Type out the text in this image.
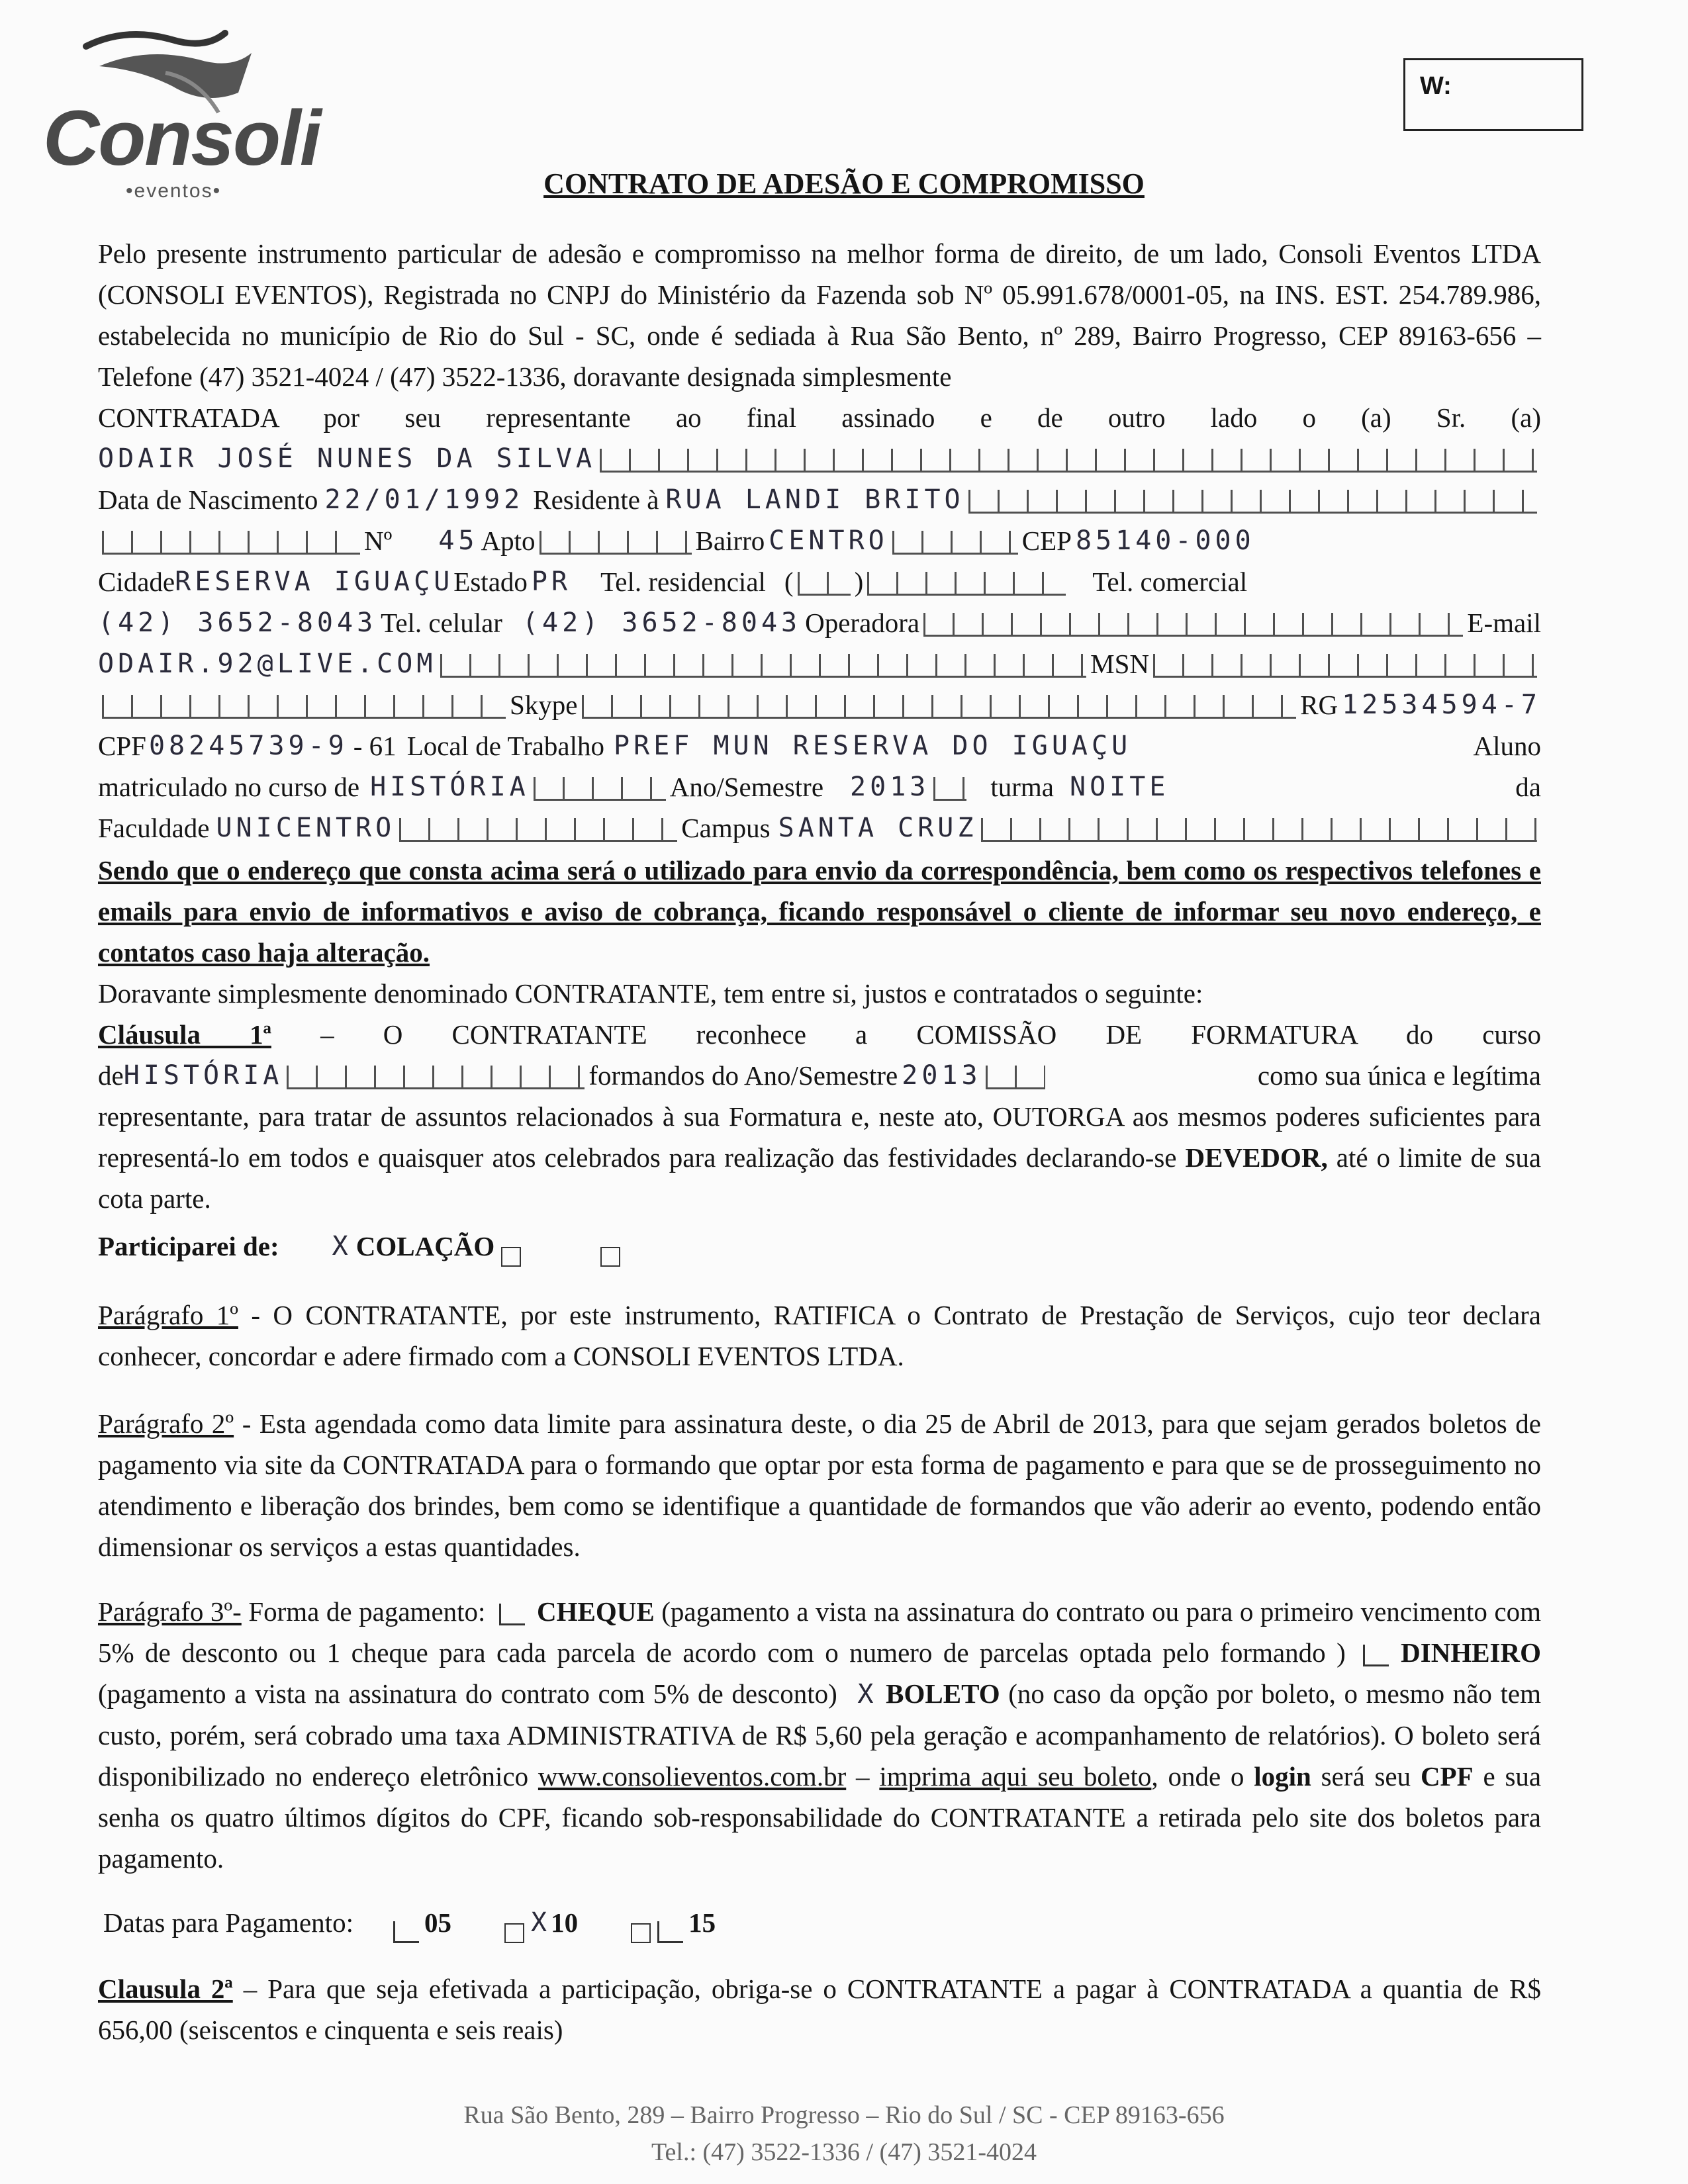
Consoli
•eventos•
W:
CONTRATO DE ADESÃO E COMPROMISSO
Pelo presente instrumento particular de adesão e compromisso na melhor forma de direito, de um lado, Consoli Eventos LTDA (CONSOLI EVENTOS), Registrada no CNPJ do Ministério da Fazenda sob Nº 05.991.678/0001-05, na INS. EST. 254.789.986, estabelecida no município de Rio do Sul - SC, onde é sediada à Rua São Bento, nº 289, Bairro Progresso, CEP 89163-656 – Telefone (47) 3521-4024 / (47) 3522-1336, doravante designada simplesmente
CONTRATADA por seu representante ao final assinado e de outro lado o (a) Sr. (a)
ODAIR JOSÉ NUNES DA SILVA
Data de Nascimento 22/01/1992 Residente à RUA LANDI BRITO
Nº 45 Apto	Bairro CENTRO	CEP 85140-000
Cidade RESERVA IGUAÇU Estado PR Tel. residencial ( )	Tel. comercial
(42) 3652-8043 Tel. celular (42) 3652-8043 Operadora	E-mail
ODAIR.92@LIVE.COM	MSN
Skype	RG 12534594-7
CPF 08245739-9 - 61 Local de Trabalho PREF MUN RESERVA DO IGUAÇU	Aluno
matriculado no curso de HISTÓRIA	Ano/Semestre 2013 turma NOITE	da
Faculdade UNICENTRO	Campus SANTA CRUZ
Sendo que o endereço que consta acima será o utilizado para envio da correspondência, bem como os respectivos telefones e emails para envio de informativos e aviso de cobrança, ficando responsável o cliente de informar seu novo endereço, e contatos caso haja alteração.
Doravante simplesmente denominado CONTRATANTE, tem entre si, justos e contratados o seguinte:
Cláusula 1ª – O CONTRATANTE reconhece a COMISSÃO DE FORMATURA do curso
de HISTÓRIA	formandos do Ano/Semestre 2013	como sua única e legítima
representante, para tratar de assuntos relacionados à sua Formatura e, neste ato, OUTORGA aos mesmos poderes suficientes para representá-lo em todos e quaisquer atos celebrados para realização das festividades declarando-se DEVEDOR, até o limite de sua cota parte.
Participarei de: X COLAÇÃO
Parágrafo 1º - O CONTRATANTE, por este instrumento, RATIFICA o Contrato de Prestação de Serviços, cujo teor declara conhecer, concordar e adere firmado com a CONSOLI EVENTOS LTDA.
Parágrafo 2º - Esta agendada como data limite para assinatura deste, o dia 25 de Abril de 2013, para que sejam gerados boletos de pagamento via site da CONTRATADA para o formando que optar por esta forma de pagamento e para que se de prosseguimento no atendimento e liberação dos brindes, bem como se identifique a quantidade de formandos que vão aderir ao evento, podendo então dimensionar os serviços a estas quantidades.
Parágrafo 3º- Forma de pagamento: CHEQUE (pagamento a vista na assinatura do contrato ou para o primeiro vencimento com 5% de desconto ou 1 cheque para cada parcela de acordo com o numero de parcelas optada pelo formando ) DINHEIRO (pagamento a vista na assinatura do contrato com 5% de desconto) X BOLETO (no caso da opção por boleto, o mesmo não tem custo, porém, será cobrado uma taxa ADMINISTRATIVA de R$ 5,60 pela geração e acompanhamento de relatórios). O boleto será disponibilizado no endereço eletrônico www.consolieventos.com.br – imprima aqui seu boleto, onde o login será seu CPF e sua senha os quatro últimos dígitos do CPF, ficando sob-responsabilidade do CONTRATANTE a retirada pelo site dos boletos para pagamento.
Datas para Pagamento:	05	X 10	15
Clausula 2ª – Para que seja efetivada a participação, obriga-se o CONTRATANTE a pagar à CONTRATADA a quantia de R$ 656,00 (seiscentos e cinquenta e seis reais)
Rua São Bento, 289 – Bairro Progresso – Rio do Sul / SC - CEP 89163-656
Tel.: (47) 3522-1336 / (47) 3521-4024
